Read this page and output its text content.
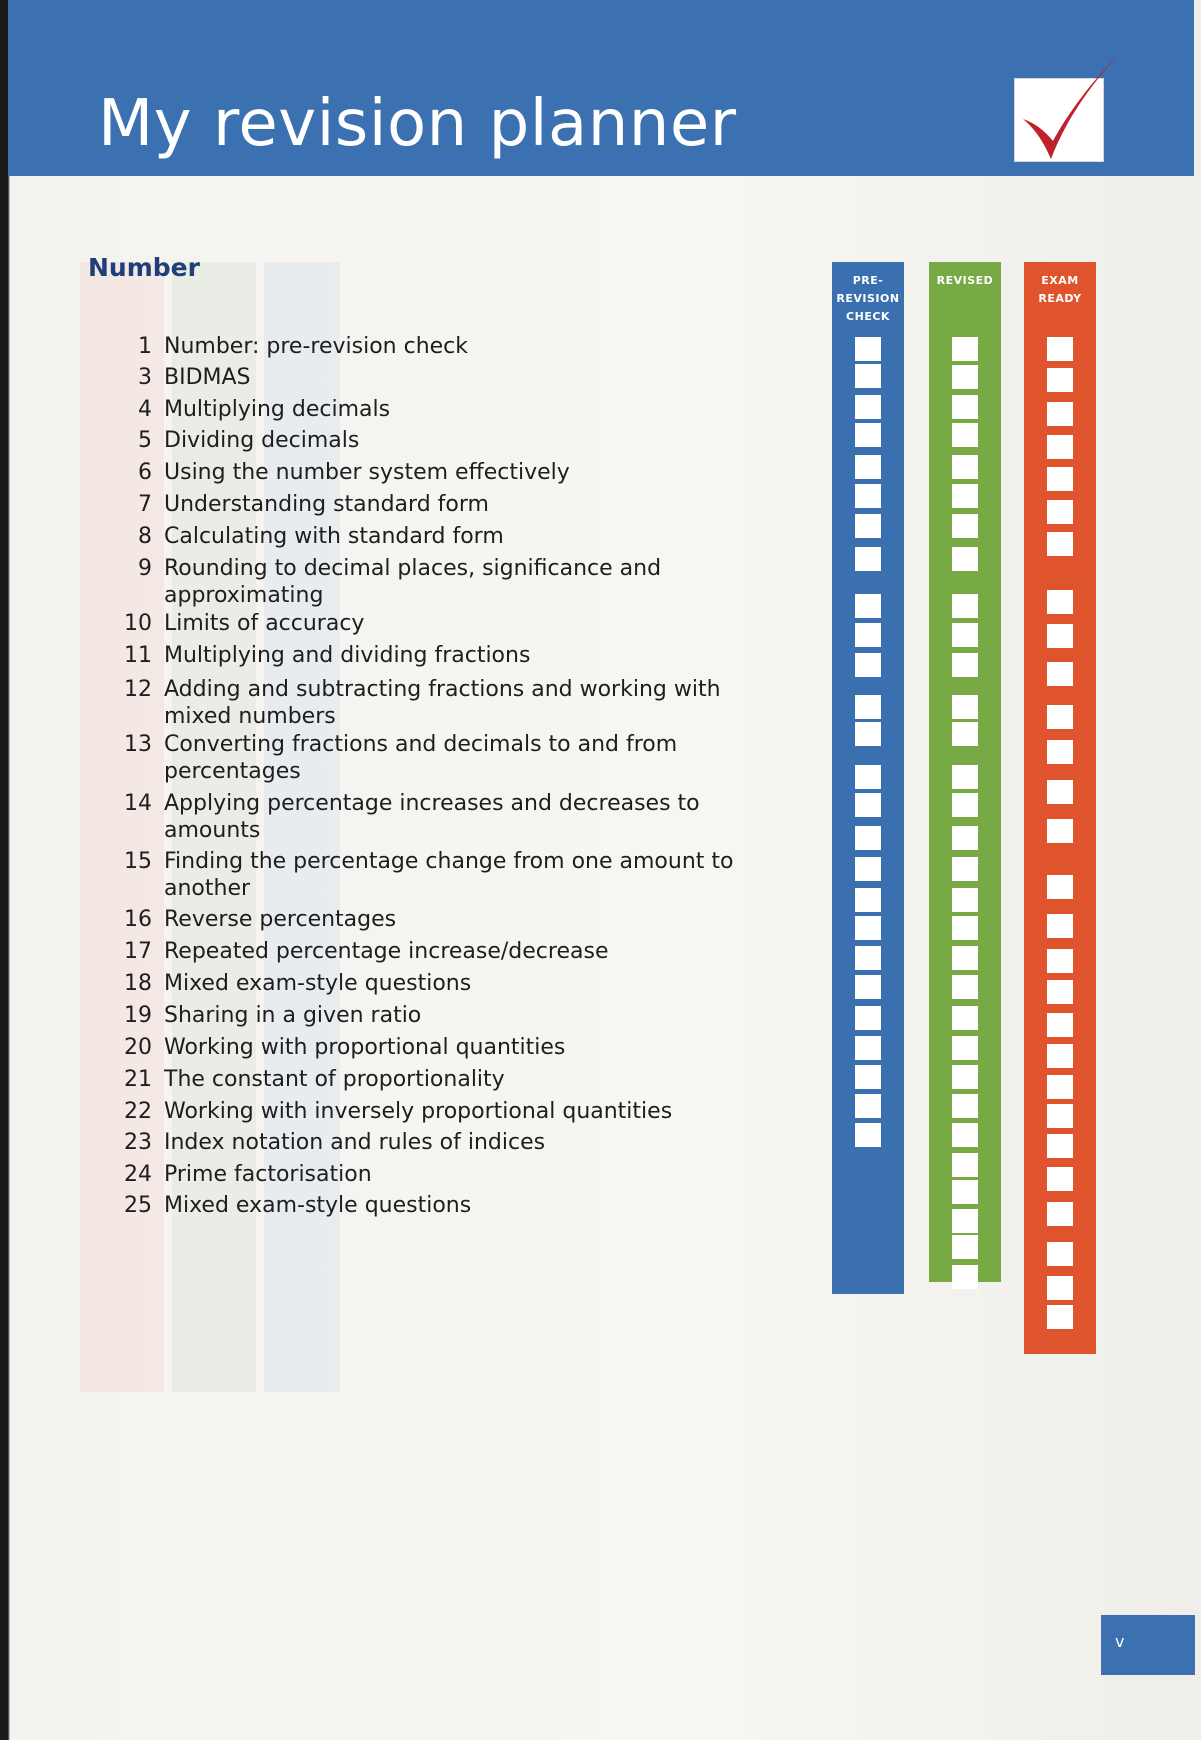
My revision planner
Number
1 Number: pre-revision check
3 BIDMAS
4 Multiplying decimals
5 Dividing decimals
6 Using the number system effectively
7 Understanding standard form
8 Calculating with standard form
9 Rounding to decimal places, significance and approximating
10 Limits of accuracy
11 Multiplying and dividing fractions
12 Adding and subtracting fractions and working with mixed numbers
13 Converting fractions and decimals to and from percentages
14 Applying percentage increases and decreases to amounts
15 Finding the percentage change from one amount to another
16 Reverse percentages
17 Repeated percentage increase/decrease
18 Mixed exam-style questions
19 Sharing in a given ratio
20 Working with proportional quantities
21 The constant of proportionality
22 Working with inversely proportional quantities
23 Index notation and rules of indices
24 Prime factorisation
25 Mixed exam-style questions
PRE-
REVISION
CHECK
REVISED	EXAM
READY
v
